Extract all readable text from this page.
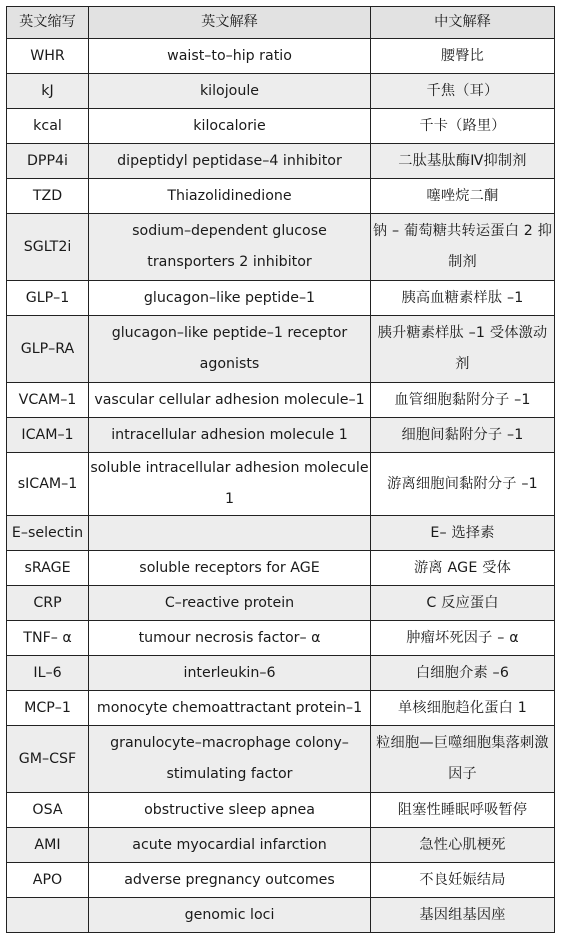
英文缩写	英文解释	中文解释
WHR	waist–to–hip ratio	腰臀比
kJ	kilojoule	千焦（耳）
kcal	kilocalorie	千卡（路里）
DPP4i	dipeptidyl peptidase–4 inhibitor	二肽基肽酶Ⅳ抑制剂
TZD	Thiazolidinedione	噻唑烷二酮
SGLT2i	sodium–dependent glucose transporters 2 inhibitor	钠 – 葡萄糖共转运蛋白 2 抑制剂
GLP–1	glucagon–like peptide–1	胰高血糖素样肽 –1
GLP–RA	glucagon–like peptide–1 receptor agonists	胰升糖素样肽 –1 受体激动剂
VCAM–1	vascular cellular adhesion molecule–1	血管细胞黏附分子 –1
ICAM–1	intracellular adhesion molecule 1	细胞间黏附分子 –1
sICAM–1	soluble intracellular adhesion molecule 1	游离细胞间黏附分子 –1
E–selectin		E– 选择素
sRAGE	soluble receptors for AGE	游离 AGE 受体
CRP	C–reactive protein	C 反应蛋白
TNF– α	tumour necrosis factor– α	肿瘤坏死因子 – α
IL–6	interleukin–6	白细胞介素 –6
MCP–1	monocyte chemoattractant protein–1	单核细胞趋化蛋白 1
GM–CSF	granulocyte–macrophage colony–stimulating factor	粒细胞—巨噬细胞集落刺激因子
OSA	obstructive sleep apnea	阻塞性睡眠呼吸暂停
AMI	acute myocardial infarction	急性心肌梗死
APO	adverse pregnancy outcomes	不良妊娠结局
	genomic loci	基因组基因座
